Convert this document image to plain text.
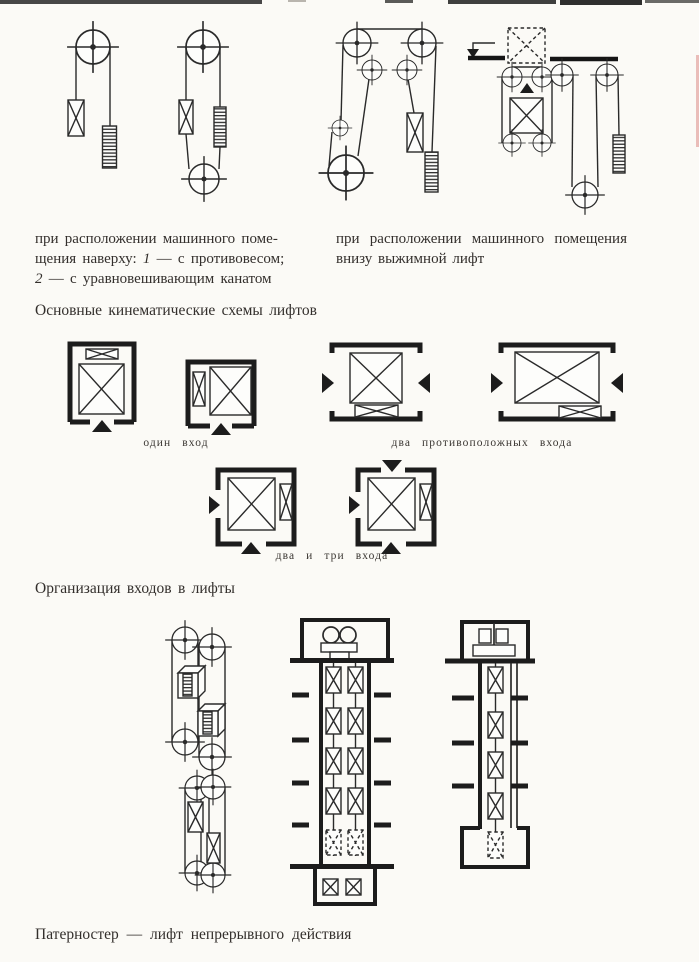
при расположении машинного поме-
щения наверху: 1 — с противовесом;
2 — с уравновешивающим канатом
при расположении машинного помещения
внизу выжимной лифт
Основные кинематические схемы лифтов
один вход	два противоположных входа
два и три входа
Организация входов в лифты
Патерностер — лифт непрерывного действия
